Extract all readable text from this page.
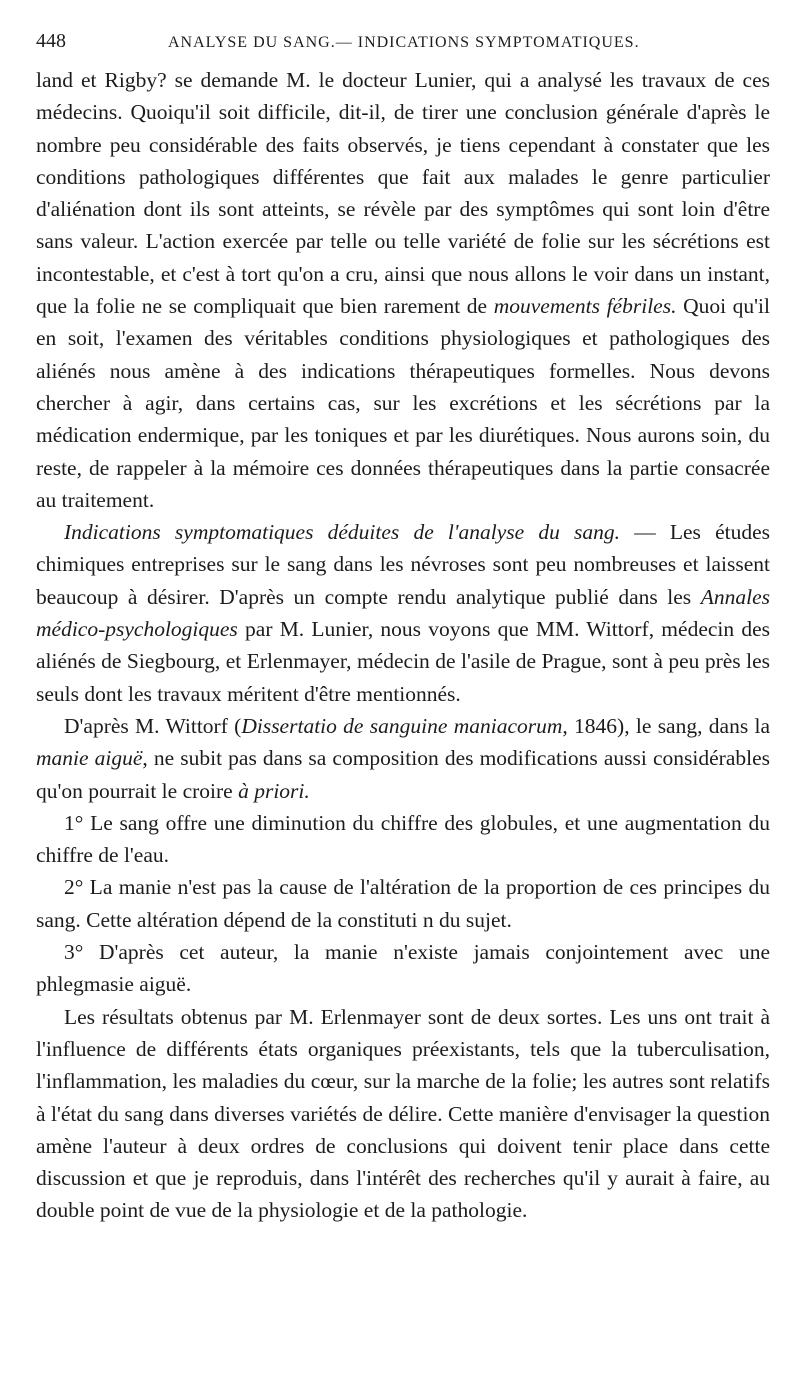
448	ANALYSE DU SANG.— INDICATIONS SYMPTOMATIQUES.

land et Rigby? se demande M. le docteur Lunier, qui a analysé les travaux de ces médecins. Quoiqu'il soit difficile, dit-il, de tirer une conclusion générale d'après le nombre peu considérable des faits observés, je tiens cependant à constater que les conditions pathologiques différentes que fait aux malades le genre particulier d'aliénation dont ils sont atteints, se révèle par des symptômes qui sont loin d'être sans valeur. L'action exercée par telle ou telle variété de folie sur les sécrétions est incontestable, et c'est à tort qu'on a cru, ainsi que nous allons le voir dans un instant, que la folie ne se compliquait que bien rarement de mouvements fébriles. Quoi qu'il en soit, l'examen des véritables conditions physiologiques et pathologiques des aliénés nous amène à des indications thérapeutiques formelles. Nous devons chercher à agir, dans certains cas, sur les excrétions et les sécrétions par la médication endermique, par les toniques et par les diurétiques. Nous aurons soin, du reste, de rappeler à la mémoire ces données thérapeutiques dans la partie consacrée au traitement.

Indications symptomatiques déduites de l'analyse du sang. — Les études chimiques entreprises sur le sang dans les névroses sont peu nombreuses et laissent beaucoup à désirer. D'après un compte rendu analytique publié dans les Annales médico-psychologiques par M. Lunier, nous voyons que MM. Wittorf, médecin des aliénés de Siegbourg, et Erlenmayer, médecin de l'asile de Prague, sont à peu près les seuls dont les travaux méritent d'être mentionnés.

D'après M. Wittorf (Dissertatio de sanguine maniacorum, 1846), le sang, dans la manie aiguë, ne subit pas dans sa composition des modifications aussi considérables qu'on pourrait le croire à priori.

1° Le sang offre une diminution du chiffre des globules, et une augmentation du chiffre de l'eau.

2° La manie n'est pas la cause de l'altération de la proportion de ces principes du sang. Cette altération dépend de la constituti n du sujet.

3° D'après cet auteur, la manie n'existe jamais conjointement avec une phlegmasie aiguë.

Les résultats obtenus par M. Erlenmayer sont de deux sortes. Les uns ont trait à l'influence de différents états organiques préexistants, tels que la tuberculisation, l'inflammation, les maladies du cœur, sur la marche de la folie; les autres sont relatifs à l'état du sang dans diverses variétés de délire. Cette manière d'envisager la question amène l'auteur à deux ordres de conclusions qui doivent tenir place dans cette discussion et que je reproduis, dans l'intérêt des recherches qu'il y aurait à faire, au double point de vue de la physiologie et de la pathologie.
